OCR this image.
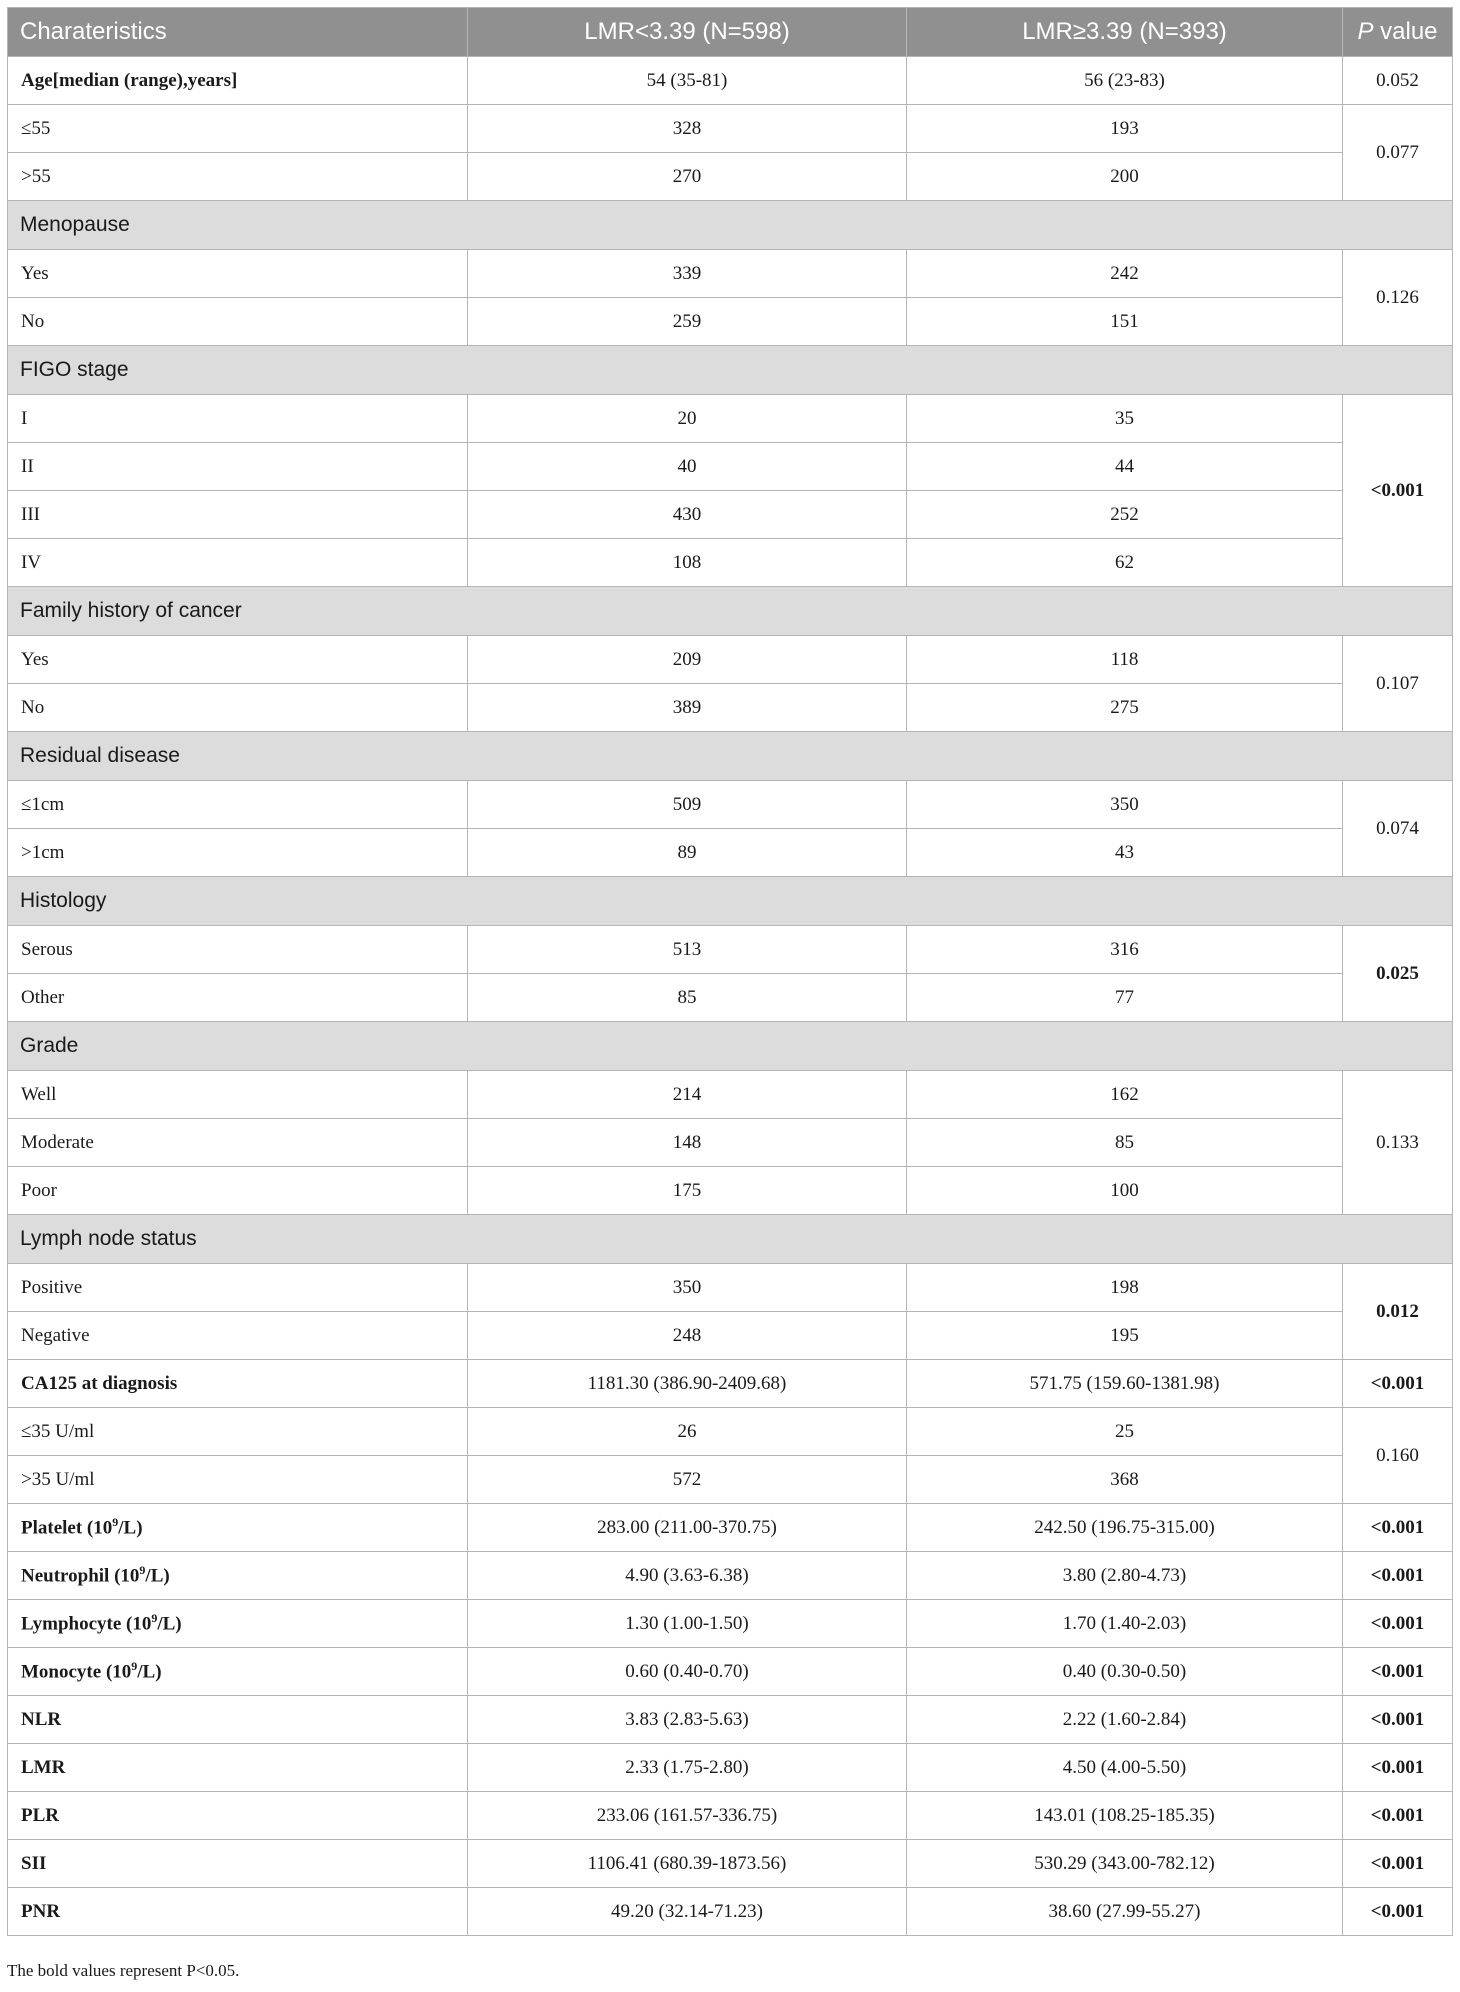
Charateristics	LMR<3.39 (N=598)	LMR≥3.39 (N=393)	P value
Age[median (range),years]	54 (35-81)	56 (23-83)	0.052
≤55	328	193	0.077
>55	270	200	
Menopause			
Yes	339	242	0.126
No	259	151	
FIGO stage			
I	20	35	<0.001
II	40	44	
III	430	252	
IV	108	62	
Family history of cancer			
Yes	209	118	0.107
No	389	275	
Residual disease			
≤1cm	509	350	0.074
>1cm	89	43	
Histology			
Serous	513	316	0.025
Other	85	77	
Grade			
Well	214	162	0.133
Moderate	148	85	
Poor	175	100	
Lymph node status			
Positive	350	198	0.012
Negative	248	195	
CA125 at diagnosis	1181.30 (386.90-2409.68)	571.75 (159.60-1381.98)	<0.001
≤35 U/ml	26	25	0.160
>35 U/ml	572	368	
Platelet $(10^9/L)$	283.00 (211.00-370.75)	242.50 (196.75-315.00)	<0.001
Neutrophil $(10^9/L)$	4.90 (3.63-6.38)	3.80 (2.80-4.73)	<0.001
Lymphocyte $(10^9/L)$	1.30 (1.00-1.50)	1.70 (1.40-2.03)	<0.001
Monocyte $(10^9/L)$	0.60 (0.40-0.70)	0.40 (0.30-0.50)	<0.001
NLR	3.83 (2.83-5.63)	2.22 (1.60-2.84)	<0.001
LMR	2.33 (1.75-2.80)	4.50 (4.00-5.50)	<0.001
PLR	233.06 (161.57-336.75)	143.01 (108.25-185.35)	<0.001
SII	1106.41 (680.39-1873.56)	530.29 (343.00-782.12)	<0.001
PNR	49.20 (32.14-71.23)	38.60 (27.99-55.27)	<0.001
The bold values represent P<0.05.
